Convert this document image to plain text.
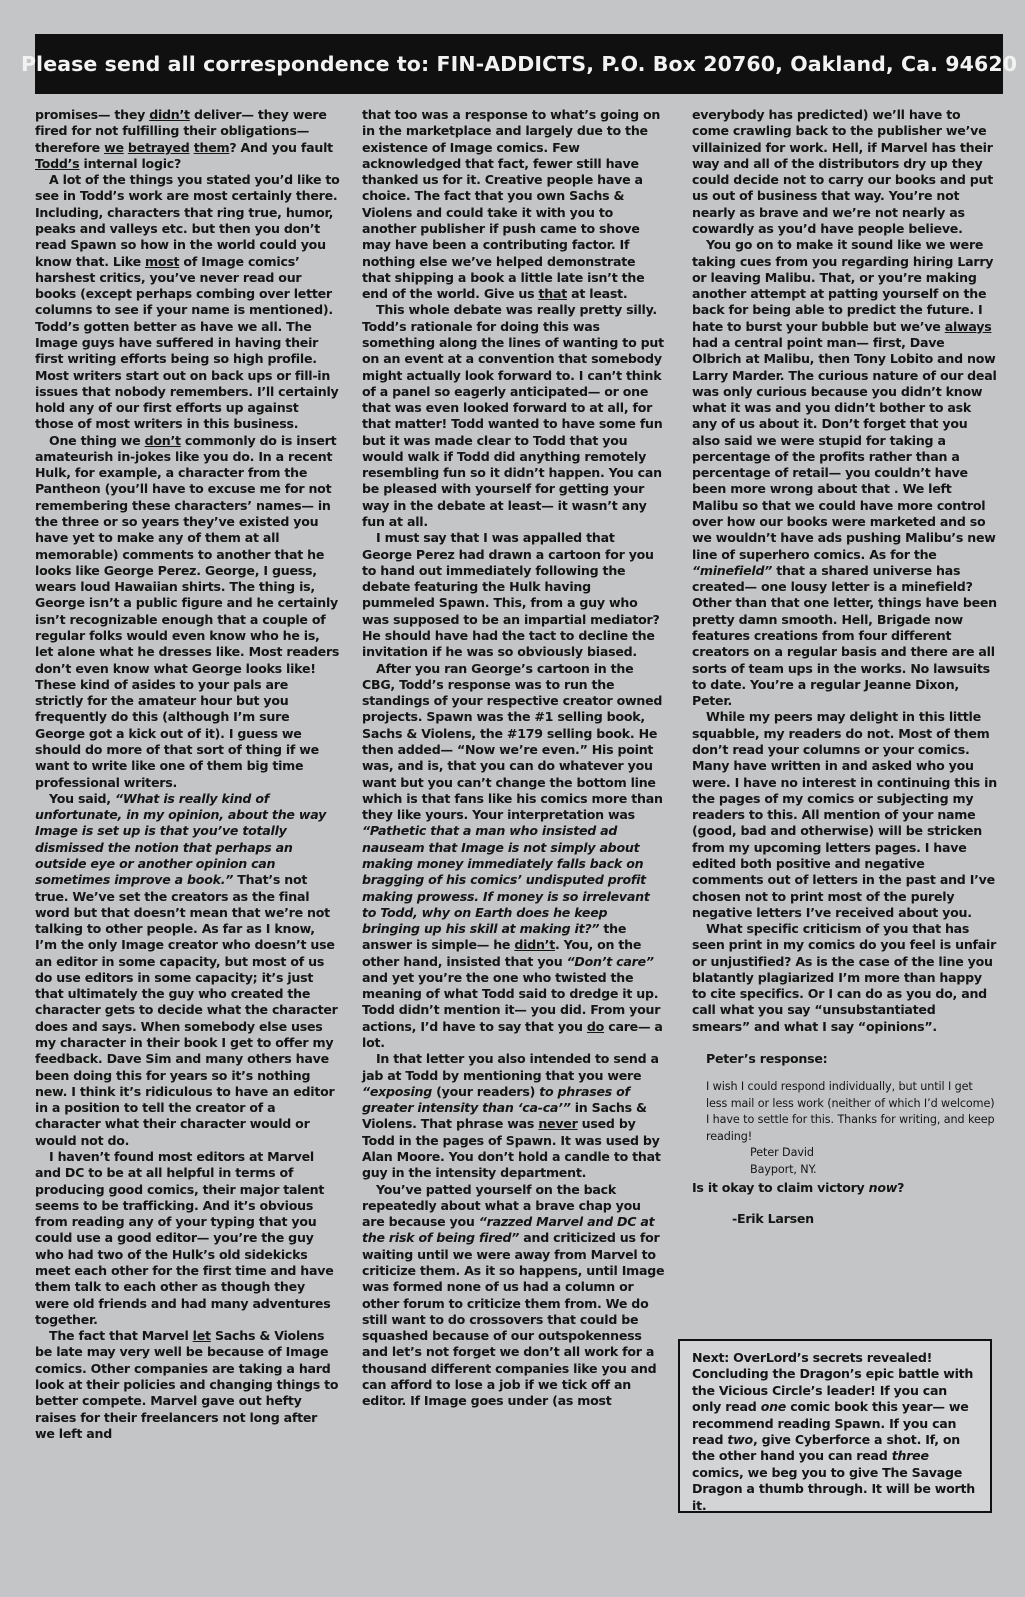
Please send all correspondence to: FIN-ADDICTS, P.O. Box 20760, Oakland, Ca. 94620

promises— they didn’t deliver— they were fired for not fulfilling their obligations— therefore we betrayed them? And you fault Todd’s internal logic?

A lot of the things you stated you’d like to see in Todd’s work are most certainly there. Including, characters that ring true, humor, peaks and valleys etc. but then you don’t read Spawn so how in the world could you know that. Like most of Image comics’ harshest critics, you’ve never read our books (except perhaps combing over letter columns to see if your name is mentioned). Todd’s gotten better as have we all. The Image guys have suffered in having their first writing efforts being so high profile. Most writers start out on back ups or fill-in issues that nobody remembers. I’ll certainly hold any of our first efforts up against those of most writers in this business.

One thing we don’t commonly do is insert amateurish in-jokes like you do. In a recent Hulk, for example, a character from the Pantheon (you’ll have to excuse me for not remembering these characters’ names— in the three or so years they’ve existed you have yet to make any of them at all memorable) comments to another that he looks like George Perez. George, I guess, wears loud Hawaiian shirts. The thing is, George isn’t a public figure and he certainly isn’t recognizable enough that a couple of regular folks would even know who he is, let alone what he dresses like. Most readers don’t even know what George looks like! These kind of asides to your pals are strictly for the amateur hour but you frequently do this (although I’m sure George got a kick out of it). I guess we should do more of that sort of thing if we want to write like one of them big time professional writers.

You said, “What is really kind of unfortunate, in my opinion, about the way Image is set up is that you’ve totally dismissed the notion that perhaps an outside eye or another opinion can sometimes improve a book.” That’s not true. We’ve set the creators as the final word but that doesn’t mean that we’re not talking to other people. As far as I know, I’m the only Image creator who doesn’t use an editor in some capacity, but most of us do use editors in some capacity; it’s just that ultimately the guy who created the character gets to decide what the character does and says. When somebody else uses my character in their book I get to offer my feedback. Dave Sim and many others have been doing this for years so it’s nothing new. I think it’s ridiculous to have an editor in a position to tell the creator of a character what their character would or would not do.

I haven’t found most editors at Marvel and DC to be at all helpful in terms of producing good comics, their major talent seems to be trafficking. And it’s obvious from reading any of your typing that you could use a good editor— you’re the guy who had two of the Hulk’s old sidekicks meet each other for the first time and have them talk to each other as though they were old friends and had many adventures together.

The fact that Marvel let Sachs & Violens be late may very well be because of Image comics. Other companies are taking a hard look at their policies and changing things to better compete. Marvel gave out hefty raises for their freelancers not long after we left and

that too was a response to what’s going on in the marketplace and largely due to the existence of Image comics. Few acknowledged that fact, fewer still have thanked us for it. Creative people have a choice. The fact that you own Sachs & Violens and could take it with you to another publisher if push came to shove may have been a contributing factor. If nothing else we’ve helped demonstrate that shipping a book a little late isn’t the end of the world. Give us that at least.

This whole debate was really pretty silly. Todd’s rationale for doing this was something along the lines of wanting to put on an event at a convention that somebody might actually look forward to. I can’t think of a panel so eagerly anticipated— or one that was even looked forward to at all, for that matter! Todd wanted to have some fun but it was made clear to Todd that you would walk if Todd did anything remotely resembling fun so it didn’t happen. You can be pleased with yourself for getting your way in the debate at least— it wasn’t any fun at all.

I must say that I was appalled that George Perez had drawn a cartoon for you to hand out immediately following the debate featuring the Hulk having pummeled Spawn. This, from a guy who was supposed to be an impartial mediator? He should have had the tact to decline the invitation if he was so obviously biased.

After you ran George’s cartoon in the CBG, Todd’s response was to run the standings of your respective creator owned projects. Spawn was the #1 selling book, Sachs & Violens, the #179 selling book. He then added— “Now we’re even.” His point was, and is, that you can do whatever you want but you can’t change the bottom line which is that fans like his comics more than they like yours. Your interpretation was “Pathetic that a man who insisted ad nauseam that Image is not simply about making money immediately falls back on bragging of his comics’ undisputed profit making prowess. If money is so irrelevant to Todd, why on Earth does he keep bringing up his skill at making it?” the answer is simple— he didn’t. You, on the other hand, insisted that you “Don’t care” and yet you’re the one who twisted the meaning of what Todd said to dredge it up. Todd didn’t mention it— you did. From your actions, I’d have to say that you do care— a lot.

In that letter you also intended to send a jab at Todd by mentioning that you were “exposing (your readers) to phrases of greater intensity than ‘ca-ca’” in Sachs & Violens. That phrase was never used by Todd in the pages of Spawn. It was used by Alan Moore. You don’t hold a candle to that guy in the intensity department.

You’ve patted yourself on the back repeatedly about what a brave chap you are because you “razzed Marvel and DC at the risk of being fired” and criticized us for waiting until we were away from Marvel to criticize them. As it so happens, until Image was formed none of us had a column or other forum to criticize them from. We do still want to do crossovers that could be squashed because of our outspokenness and let’s not forget we don’t all work for a thousand different companies like you and can afford to lose a job if we tick off an editor. If Image goes under (as most

everybody has predicted) we’ll have to come crawling back to the publisher we’ve villainized for work. Hell, if Marvel has their way and all of the distributors dry up they could decide not to carry our books and put us out of business that way. You’re not nearly as brave and we’re not nearly as cowardly as you’d have people believe.

You go on to make it sound like we were taking cues from you regarding hiring Larry or leaving Malibu. That, or you’re making another attempt at patting yourself on the back for being able to predict the future. I hate to burst your bubble but we’ve always had a central point man— first, Dave Olbrich at Malibu, then Tony Lobito and now Larry Marder. The curious nature of our deal was only curious because you didn’t know what it was and you didn’t bother to ask any of us about it. Don’t forget that you also said we were stupid for taking a percentage of the profits rather than a percentage of retail— you couldn’t have been more wrong about that . We left Malibu so that we could have more control over how our books were marketed and so we wouldn’t have ads pushing Malibu’s new line of superhero comics. As for the “minefield” that a shared universe has created— one lousy letter is a minefield? Other than that one letter, things have been pretty damn smooth. Hell, Brigade now features creations from four different creators on a regular basis and there are all sorts of team ups in the works. No lawsuits to date. You’re a regular Jeanne Dixon, Peter.

While my peers may delight in this little squabble, my readers do not. Most of them don’t read your columns or your comics. Many have written in and asked who you were. I have no interest in continuing this in the pages of my comics or subjecting my readers to this. All mention of your name (good, bad and otherwise) will be stricken from my upcoming letters pages. I have edited both positive and negative comments out of letters in the past and I’ve chosen not to print most of the purely negative letters I’ve received about you.

What specific criticism of you that has seen print in my comics do you feel is unfair or unjustified? As is the case of the line you blatantly plagiarized I’m more than happy to cite specifics. Or I can do as you do, and call what you say “unsubstantiated smears” and what I say “opinions”.

Peter’s response:

I wish I could respond individually, but until I get less mail or less work (neither of which I’d welcome) I have to settle for this. Thanks for writing, and keep reading!
Peter David
Bayport, NY.

Is it okay to claim victory now?

-Erik Larsen

Next: OverLord’s secrets revealed! Concluding the Dragon’s epic battle with the Vicious Circle’s leader! If you can only read one comic book this year— we recommend reading Spawn. If you can read two, give Cyberforce a shot. If, on the other hand you can read three comics, we beg you to give The Savage Dragon a thumb through. It will be worth it.
